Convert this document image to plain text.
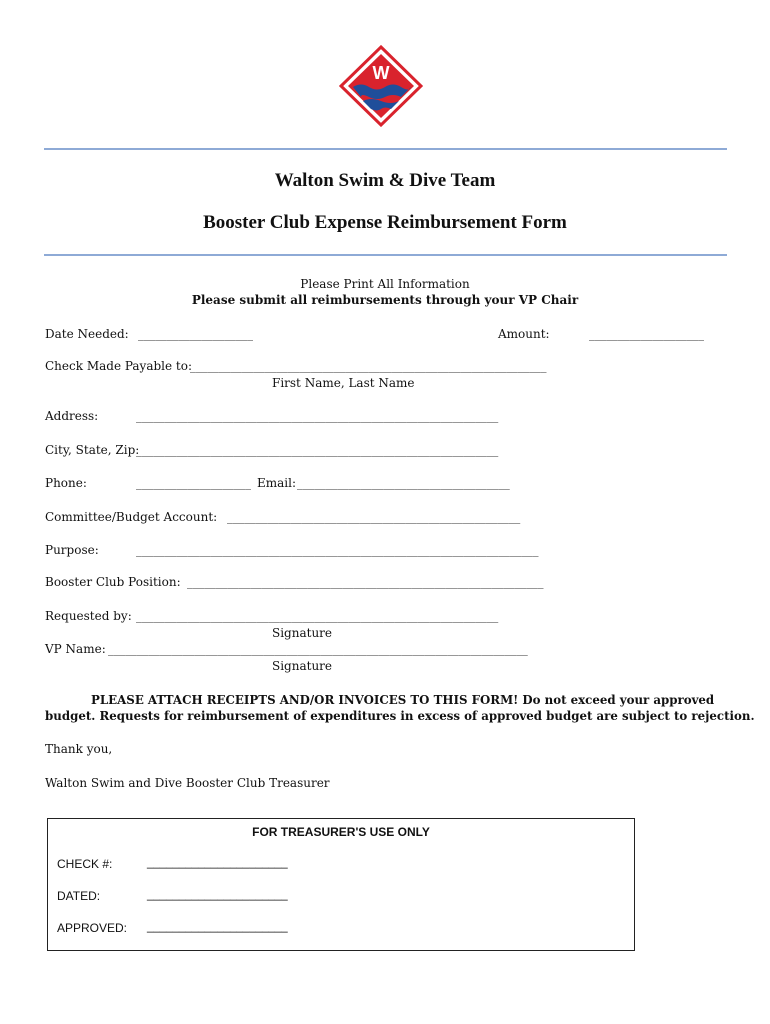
W
Walton Swim & Dive Team
Booster Club Expense Reimbursement Form
Please Print All Information
Please submit all reimbursements through your VP Chair
Date Needed: ____________________	Amount:	____________________
Check Made Payable to:
______________________________________________________________
First Name, Last Name
Address:	_______________________________________________________________
City, State, Zip:
_______________________________________________________________
Phone:	____________________ Email: _____________________________________
Committee/Budget Account: ___________________________________________________
Purpose:	______________________________________________________________________
Booster Club Position: ______________________________________________________________
Requested by: _______________________________________________________________
Signature
VP Name: _________________________________________________________________________
Signature
PLEASE ATTACH RECEIPTS AND/OR INVOICES TO THIS FORM! Do not exceed your approved
budget. Requests for reimbursement of expenditures in excess of approved budget are subject to rejection.
Thank you,
Walton Swim and Dive Booster Club Treasurer
FOR TREASURER'S USE ONLY
CHECK #:	______________________
DATED:	______________________
APPROVED: ______________________
